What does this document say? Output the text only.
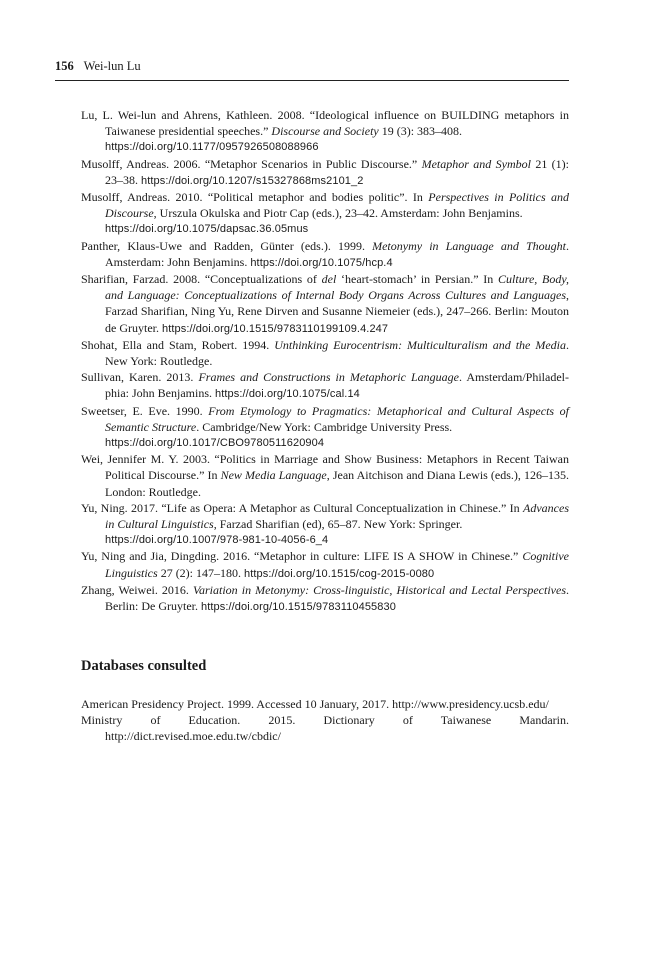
156 Wei-lun Lu
Lu, L. Wei-lun and Ahrens, Kathleen. 2008. “Ideological influence on BUILDING metaphors in Taiwanese presidential speeches.” Discourse and Society 19 (3): 383–408.
https://doi.org/10.1177/0957926508088966
Musolff, Andreas. 2006. “Metaphor Scenarios in Public Discourse.” Metaphor and Symbol 21 (1): 23–38. https://doi.org/10.1207/s15327868ms2101_2
Musolff, Andreas. 2010. “Political metaphor and bodies politic”. In Perspectives in Politics and Discourse, Urszula Okulska and Piotr Cap (eds.), 23–42. Amsterdam: John Benjamins.
https://doi.org/10.1075/dapsac.36.05mus
Panther, Klaus-Uwe and Radden, Günter (eds.). 1999. Metonymy in Language and Thought. Amsterdam: John Benjamins. https://doi.org/10.1075/hcp.4
Sharifian, Farzad. 2008. “Conceptualizations of del ‘heart-stomach’ in Persian.” In Culture, Body, and Language: Conceptualizations of Internal Body Organs Across Cultures and Languages, Farzad Sharifian, Ning Yu, Rene Dirven and Susanne Niemeier (eds.), 247–266. Berlin: Mouton de Gruyter. https://doi.org/10.1515/9783110199109.4.247
Shohat, Ella and Stam, Robert. 1994. Unthinking Eurocentrism: Multiculturalism and the Media. New York: Routledge.
Sullivan, Karen. 2013. Frames and Constructions in Metaphoric Language. Amsterdam/Philadelphia: John Benjamins. https://doi.org/10.1075/cal.14
Sweetser, E. Eve. 1990. From Etymology to Pragmatics: Metaphorical and Cultural Aspects of Semantic Structure. Cambridge/New York: Cambridge University Press.
https://doi.org/10.1017/CBO9780511620904
Wei, Jennifer M. Y. 2003. “Politics in Marriage and Show Business: Metaphors in Recent Taiwan Political Discourse.” In New Media Language, Jean Aitchison and Diana Lewis (eds.), 126–135. London: Routledge.
Yu, Ning. 2017. “Life as Opera: A Metaphor as Cultural Conceptualization in Chinese.” In Advances in Cultural Linguistics, Farzad Sharifian (ed), 65–87. New York: Springer.
https://doi.org/10.1007/978-981-10-4056-6_4
Yu, Ning and Jia, Dingding. 2016. “Metaphor in culture: LIFE IS A SHOW in Chinese.” Cognitive Linguistics 27 (2): 147–180. https://doi.org/10.1515/cog-2015-0080
Zhang, Weiwei. 2016. Variation in Metonymy: Cross-linguistic, Historical and Lectal Perspectives. Berlin: De Gruyter. https://doi.org/10.1515/9783110455830
Databases consulted
American Presidency Project. 1999. Accessed 10 January, 2017. http://www.presidency.ucsb.edu/
Ministry of Education. 2015. Dictionary of Taiwanese Mandarin. http://dict.revised.moe.edu.tw/cbdic/
